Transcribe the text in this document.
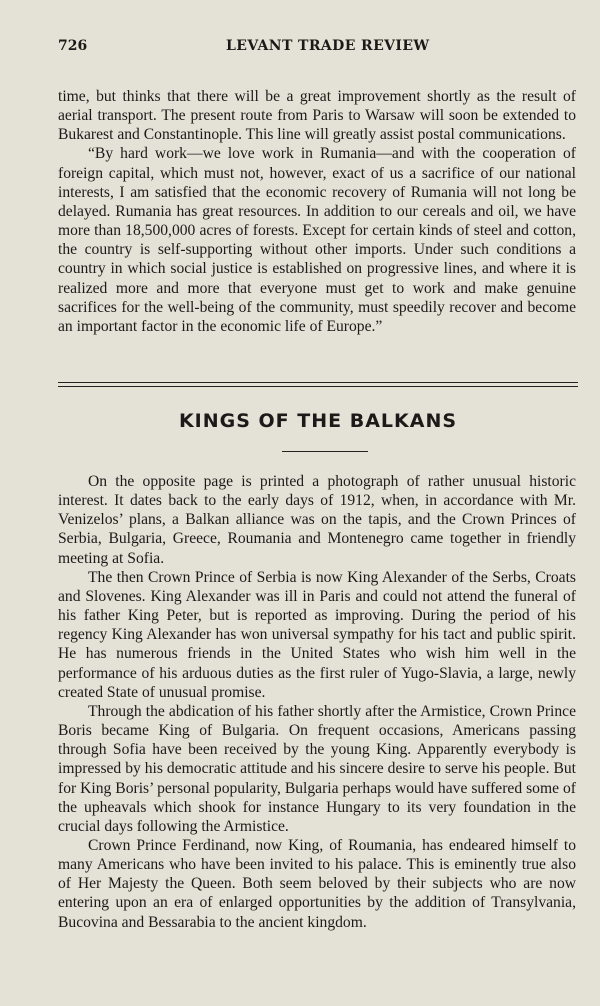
726	LEVANT TRADE REVIEW

time, but thinks that there will be a great improvement shortly as the result of aerial transport. The present route from Paris to Warsaw will soon be extended to Bukarest and Constantinople. This line will greatly assist postal communications.

“By hard work—we love work in Rumania—and with the cooperation of foreign capital, which must not, however, exact of us a sacrifice of our national interests, I am satisfied that the economic recovery of Rumania will not long be delayed. Rumania has great resources. In addition to our cereals and oil, we have more than 18,500,000 acres of forests. Except for certain kinds of steel and cotton, the country is self-supporting without other imports. Under such conditions a country in which social justice is established on progressive lines, and where it is realized more and more that everyone must get to work and make genuine sacrifices for the well-being of the community, must speedily recover and become an important factor in the economic life of Europe.”

KINGS OF THE BALKANS

On the opposite page is printed a photograph of rather unusual historic interest. It dates back to the early days of 1912, when, in accordance with Mr. Venizelos’ plans, a Balkan alliance was on the tapis, and the Crown Princes of Serbia, Bulgaria, Greece, Roumania and Montenegro came together in friendly meeting at Sofia.

The then Crown Prince of Serbia is now King Alexander of the Serbs, Croats and Slovenes. King Alexander was ill in Paris and could not attend the funeral of his father King Peter, but is reported as improving. During the period of his regency King Alexander has won universal sympathy for his tact and public spirit. He has numerous friends in the United States who wish him well in the performance of his arduous duties as the first ruler of Yugo-Slavia, a large, newly created State of unusual promise.

Through the abdication of his father shortly after the Armistice, Crown Prince Boris became King of Bulgaria. On frequent occasions, Americans passing through Sofia have been received by the young King. Apparently everybody is impressed by his democratic attitude and his sincere desire to serve his people. But for King Boris’ personal popularity, Bulgaria perhaps would have suffered some of the upheavals which shook for instance Hungary to its very foundation in the crucial days following the Armistice.

Crown Prince Ferdinand, now King, of Roumania, has endeared himself to many Americans who have been invited to his palace. This is eminently true also of Her Majesty the Queen. Both seem beloved by their subjects who are now entering upon an era of enlarged opportunities by the addition of Transylvania, Bucovina and Bessarabia to the ancient kingdom.
